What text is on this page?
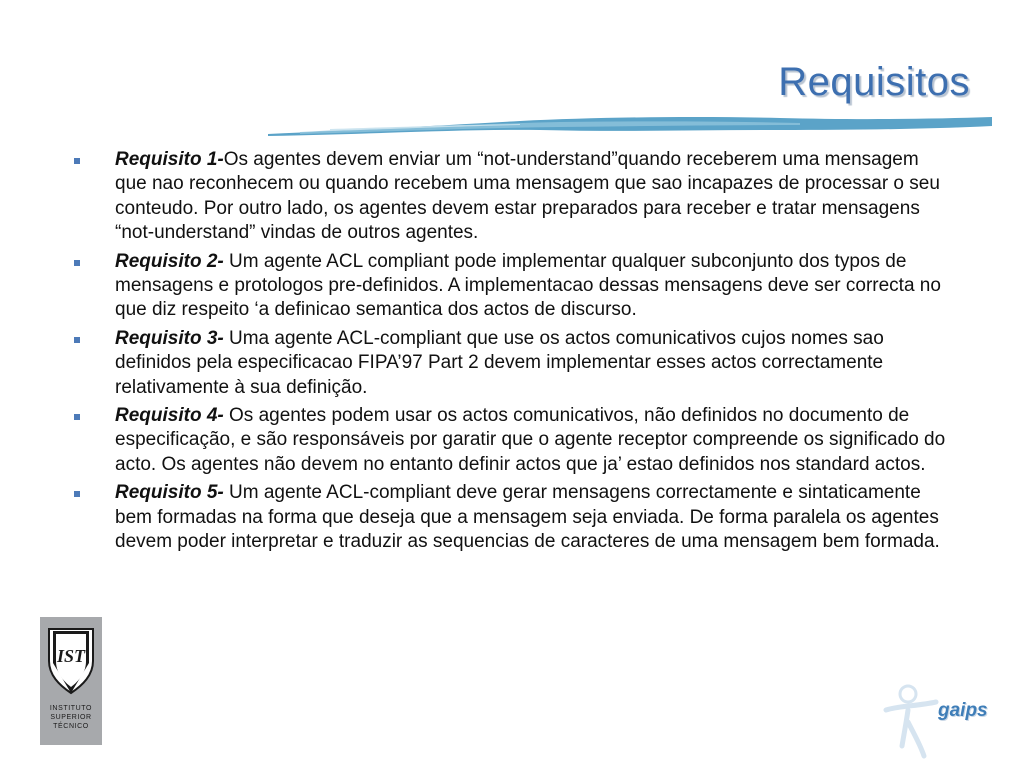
Requisitos
Requisito 1-Os agentes devem enviar um “not-understand”quando receberem uma mensagem que nao reconhecem ou quando recebem uma mensagem que sao incapazes de processar o seu conteudo. Por outro lado, os agentes devem estar preparados para receber e tratar mensagens “not-understand” vindas de outros agentes.
Requisito 2- Um agente ACL compliant pode implementar qualquer subconjunto dos typos de mensagens e protologos pre-definidos. A implementacao dessas mensagens deve ser correcta no que diz respeito ‘a definicao semantica dos actos de discurso.
Requisito 3- Uma agente ACL-compliant que use os actos comunicativos cujos nomes sao definidos pela especificacao FIPA’97 Part 2 devem implementar esses actos correctamente relativamente à sua definição.
Requisito 4- Os agentes podem usar os actos comunicativos, não definidos no documento de especificação, e são responsáveis por garatir que o agente receptor compreende os significado do acto. Os agentes não devem no entanto definir actos que ja’ estao definidos nos standard actos.
Requisito 5- Um agente ACL-compliant deve gerar mensagens correctamente e sintaticamente bem formadas na forma que deseja que a mensagem seja enviada. De forma paralela os agentes devem poder interpretar e traduzir as sequencias de caracteres de uma mensagem bem formada.
IST
INSTITUTO
SUPERIOR
TÉCNICO
gaips
